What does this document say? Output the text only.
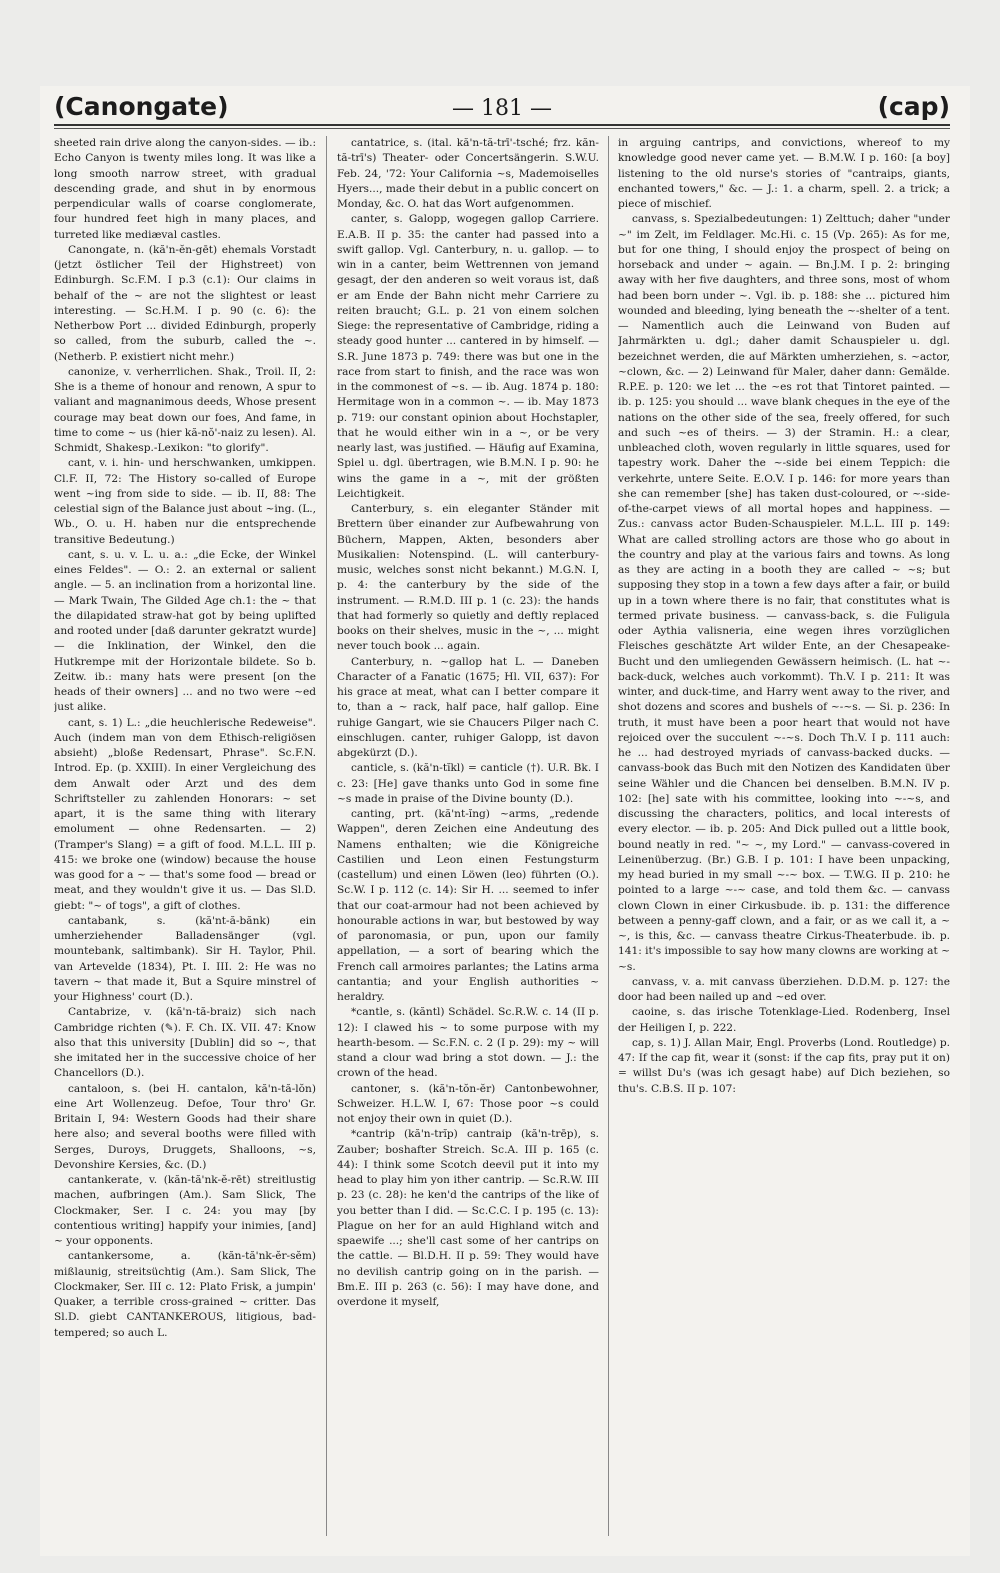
(Canongate)	— 181 —	(cap)

sheeted rain drive along the canyon-sides. — ib.: Echo Canyon is twenty miles long. It was like a long smooth narrow street, with gradual descending grade, and shut in by enormous perpendicular walls of coarse conglomerate, four hundred feet high in many places, and turreted like mediæval castles.

Canongate, n. (kă'n-ĕn-gēt) ehemals Vorstadt (jetzt östlicher Teil der Highstreet) von Edinburgh. Sc.F.M. I p.3 (c.1): Our claims in behalf of the ~ are not the slightest or least interesting. — Sc.H.M. I p. 90 (c. 6): the Netherbow Port ... divided Edinburgh, properly so called, from the suburb, called the ~. (Netherb. P. existiert nicht mehr.)

canonize, v. verherrlichen. Shak., Troil. II, 2: She is a theme of honour and renown, A spur to valiant and magnanimous deeds, Whose present courage may beat down our foes, And fame, in time to come ~ us (hier kă-nŏ'-naiz zu lesen). Al. Schmidt, Shakesp.-Lexikon: "to glorify".

cant, v. i. hin- und herschwanken, umkippen. Cl.F. II, 72: The History so-called of Europe went ~ing from side to side. — ib. II, 88: The celestial sign of the Balance just about ~ing. (L., Wb., O. u. H. haben nur die entsprechende transitive Bedeutung.)

cant, s. u. v. L. u. a.: „die Ecke, der Winkel eines Feldes". — O.: 2. an external or salient angle. — 5. an inclination from a horizontal line. — Mark Twain, The Gilded Age ch.1: the ~ that the dilapidated straw-hat got by being uplifted and rooted under [daß darunter gekratzt wurde] — die Inklination, der Winkel, den die Hutkrempe mit der Horizontale bildete. So b. Zeitw. ib.: many hats were present [on the heads of their owners] ... and no two were ~ed just alike.

cant, s. 1) L.: „die heuchlerische Redeweise". Auch (indem man von dem Ethisch-religiösen absieht) „bloße Redensart, Phrase". Sc.F.N. Introd. Ep. (p. XXIII). In einer Vergleichung des dem Anwalt oder Arzt und des dem Schriftsteller zu zahlenden Honorars: ~ set apart, it is the same thing with literary emolument — ohne Redensarten. — 2) (Tramper's Slang) = a gift of food. M.L.L. III p. 415: we broke one (window) because the house was good for a ~ — that's some food — bread or meat, and they wouldn't give it us. — Das Sl.D. giebt: "~ of togs", a gift of clothes.

cantabank, s. (kă'nt-ă-bănk) ein umherziehender Balladensänger (vgl. mountebank, saltimbank). Sir H. Taylor, Phil. van Artevelde (1834), Pt. I. III. 2: He was no tavern ~ that made it, But a Squire minstrel of your Highness' court (D.).

Cantabrize, v. (kă'n-tă-braiz) sich nach Cambridge richten (✎). F. Ch. IX. VII. 47: Know also that this university [Dublin] did so ~, that she imitated her in the successive choice of her Chancellors (D.).

cantaloon, s. (bei H. cantalon, kă'n-tă-lŏn) eine Art Wollenzeug. Defoe, Tour thro' Gr. Britain I, 94: Western Goods had their share here also; and several booths were filled with Serges, Duroys, Druggets, Shalloons, ~s, Devonshire Kersies, &c. (D.)

cantankerate, v. (kăn-tă'nk-ĕ-rēt) streitlustig machen, aufbringen (Am.). Sam Slick, The Clockmaker, Ser. I c. 24: you may [by contentious writing] happify your inimies, [and] ~ your opponents.

cantankersome, a. (kăn-tă'nk-ĕr-sĕm) mißlaunig, streitsüchtig (Am.). Sam Slick, The Clockmaker, Ser. III c. 12: Plato Frisk, a jumpin' Quaker, a terrible cross-grained ~ critter. Das Sl.D. giebt CANTANKEROUS, litigious, bad-tempered; so auch L.

cantatrice, s. (ital. kă'n-tă-trī'-tsché; frz. kăn-tă-trī's) Theater- oder Concertsängerin. S.W.U. Feb. 24, '72: Your California ~s, Mademoiselles Hyers..., made their debut in a public concert on Monday, &c. O. hat das Wort aufgenommen.

canter, s. Galopp, wogegen gallop Carriere. E.A.B. II p. 35: the canter had passed into a swift gallop. Vgl. Canterbury, n. u. gallop. — to win in a canter, beim Wettrennen von jemand gesagt, der den anderen so weit voraus ist, daß er am Ende der Bahn nicht mehr Carriere zu reiten braucht; G.L. p. 21 von einem solchen Siege: the representative of Cambridge, riding a steady good hunter ... cantered in by himself. — S.R. June 1873 p. 749: there was but one in the race from start to finish, and the race was won in the commonest of ~s. — ib. Aug. 1874 p. 180: Hermitage won in a common ~. — ib. May 1873 p. 719: our constant opinion about Hochstapler, that he would either win in a ~, or be very nearly last, was justified. — Häufig auf Examina, Spiel u. dgl. übertragen, wie B.M.N. I p. 90: he wins the game in a ~, mit der größten Leichtigkeit.

Canterbury, s. ein eleganter Ständer mit Brettern über einander zur Aufbewahrung von Büchern, Mappen, Akten, besonders aber Musikalien: Notenspind. (L. will canterbury-music, welches sonst nicht bekannt.) M.G.N. I, p. 4: the canterbury by the side of the instrument. — R.M.D. III p. 1 (c. 23): the hands that had formerly so quietly and deftly replaced books on their shelves, music in the ~, ... might never touch book ... again.

Canterbury, n. ~gallop hat L. — Daneben Character of a Fanatic (1675; Hl. VII, 637): For his grace at meat, what can I better compare it to, than a ~ rack, half pace, half gallop. Eine ruhige Gangart, wie sie Chaucers Pilger nach C. einschlugen. canter, ruhiger Galopp, ist davon abgekürzt (D.).

canticle, s. (kă'n-tĭkl) = canticle (†). U.R. Bk. I c. 23: [He] gave thanks unto God in some fine ~s made in praise of the Divine bounty (D.).

canting, prt. (kă'nt-ĭng) ~arms, „redende Wappen", deren Zeichen eine Andeutung des Namens enthalten; wie die Königreiche Castilien und Leon einen Festungsturm (castellum) und einen Löwen (leo) führten (O.). Sc.W. I p. 112 (c. 14): Sir H. ... seemed to infer that our coat-armour had not been achieved by honourable actions in war, but bestowed by way of paronomasia, or pun, upon our family appellation, — a sort of bearing which the French call armoires parlantes; the Latins arma cantantia; and your English authorities ~ heraldry.

*cantle, s. (kăntl) Schädel. Sc.R.W. c. 14 (II p. 12): I clawed his ~ to some purpose with my hearth-besom. — Sc.F.N. c. 2 (I p. 29): my ~ will stand a clour wad bring a stot down. — J.: the crown of the head.

cantoner, s. (kă'n-tŏn-ĕr) Cantonbewohner, Schweizer. H.L.W. I, 67: Those poor ~s could not enjoy their own in quiet (D.).

*cantrip (kă'n-trĭp) cantraip (kă'n-trēp), s. Zauber; boshafter Streich. Sc.A. III p. 165 (c. 44): I think some Scotch deevil put it into my head to play him yon ither cantrip. — Sc.R.W. III p. 23 (c. 28): he ken'd the cantrips of the like of you better than I did. — Sc.C.C. I p. 195 (c. 13): Plague on her for an auld Highland witch and spaewife ...; she'll cast some of her cantrips on the cattle. — Bl.D.H. II p. 59: They would have no devilish cantrip going on in the parish. — Bm.E. III p. 263 (c. 56): I may have done, and overdone it myself,

in arguing cantrips, and convictions, whereof to my knowledge good never came yet. — B.M.W. I p. 160: [a boy] listening to the old nurse's stories of "cantraips, giants, enchanted towers," &c. — J.: 1. a charm, spell. 2. a trick; a piece of mischief.

canvass, s. Spezialbedeutungen: 1) Zelttuch; daher "under ~" im Zelt, im Feldlager. Mc.Hi. c. 15 (Vp. 265): As for me, but for one thing, I should enjoy the prospect of being on horseback and under ~ again. — Bn.J.M. I p. 2: bringing away with her five daughters, and three sons, most of whom had been born under ~. Vgl. ib. p. 188: she ... pictured him wounded and bleeding, lying beneath the ~-shelter of a tent. — Namentlich auch die Leinwand von Buden auf Jahrmärkten u. dgl.; daher damit Schauspieler u. dgl. bezeichnet werden, die auf Märkten umherziehen, s. ~actor, ~clown, &c. — 2) Leinwand für Maler, daher dann: Gemälde. R.P.E. p. 120: we let ... the ~es rot that Tintoret painted. — ib. p. 125: you should ... wave blank cheques in the eye of the nations on the other side of the sea, freely offered, for such and such ~es of theirs. — 3) der Stramin. H.: a clear, unbleached cloth, woven regularly in little squares, used for tapestry work. Daher the ~-side bei einem Teppich: die verkehrte, untere Seite. E.O.V. I p. 146: for more years than she can remember [she] has taken dust-coloured, or ~-side-of-the-carpet views of all mortal hopes and happiness. — Zus.: canvass actor Buden-Schauspieler. M.L.L. III p. 149: What are called strolling actors are those who go about in the country and play at the various fairs and towns. As long as they are acting in a booth they are called ~ ~s; but supposing they stop in a town a few days after a fair, or build up in a town where there is no fair, that constitutes what is termed private business. — canvass-back, s. die Fuligula oder Aythia valisneria, eine wegen ihres vorzüglichen Fleisches geschätzte Art wilder Ente, an der Chesapeake-Bucht und den umliegenden Gewässern heimisch. (L. hat ~-back-duck, welches auch vorkommt). Th.V. I p. 211: It was winter, and duck-time, and Harry went away to the river, and shot dozens and scores and bushels of ~-~s. — Si. p. 236: In truth, it must have been a poor heart that would not have rejoiced over the succulent ~-~s. Doch Th.V. I p. 111 auch: he ... had destroyed myriads of canvass-backed ducks. — canvass-book das Buch mit den Notizen des Kandidaten über seine Wähler und die Chancen bei denselben. B.M.N. IV p. 102: [he] sate with his committee, looking into ~-~s, and discussing the characters, politics, and local interests of every elector. — ib. p. 205: And Dick pulled out a little book, bound neatly in red. "~ ~, my Lord." — canvass-covered in Leinenüberzug. (Br.) G.B. I p. 101: I have been unpacking, my head buried in my small ~-~ box. — T.W.G. II p. 210: he pointed to a large ~-~ case, and told them &c. — canvass clown Clown in einer Cirkusbude. ib. p. 131: the difference between a penny-gaff clown, and a fair, or as we call it, a ~ ~, is this, &c. — canvass theatre Cirkus-Theaterbude. ib. p. 141: it's impossible to say how many clowns are working at ~ ~s.

canvass, v. a. mit canvass überziehen. D.D.M. p. 127: the door had been nailed up and ~ed over.

caoine, s. das irische Totenklage-Lied. Rodenberg, Insel der Heiligen I, p. 222.

cap, s. 1) J. Allan Mair, Engl. Proverbs (Lond. Routledge) p. 47: If the cap fit, wear it (sonst: if the cap fits, pray put it on) = willst Du's (was ich gesagt habe) auf Dich beziehen, so thu's. C.B.S. II p. 107:
